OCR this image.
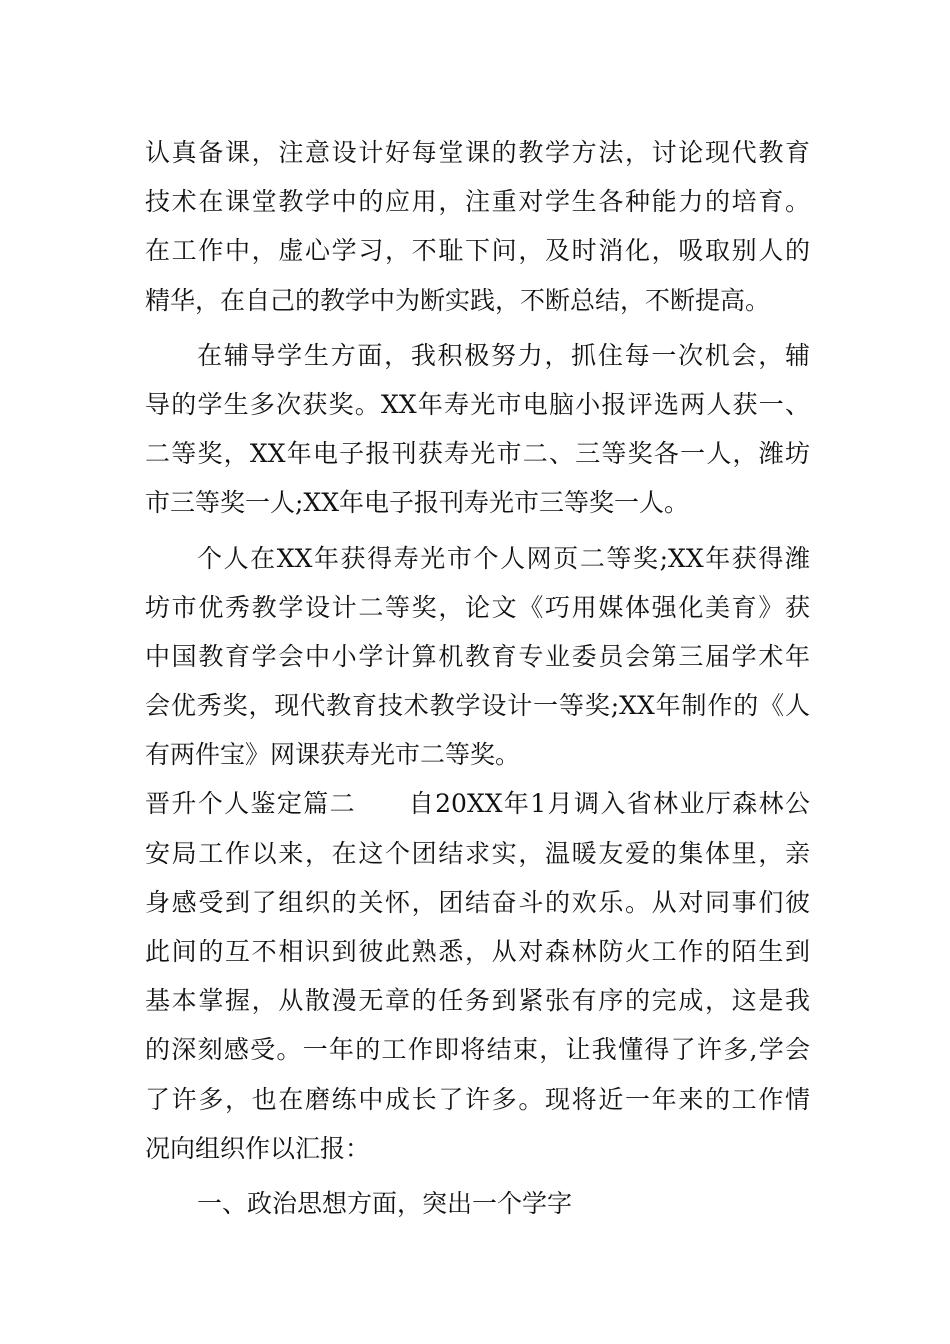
认真备课，注意设计好每堂课的教学方法，讨论现代教育
技术在课堂教学中的应用，注重对学生各种能力的培育。
在工作中，虚心学习，不耻下问，及时消化，吸取别人的
精华，在自己的教学中为断实践，不断总结，不断提高。
在辅导学生方面，我积极努力，抓住每一次机会，辅
导的学生多次获奖。XX年寿光市电脑小报评选两人获一、
二等奖，XX年电子报刊获寿光市二、三等奖各一人，潍坊
市三等奖一人;XX年电子报刊寿光市三等奖一人。
个人在XX年获得寿光市个人网页二等奖;XX年获得潍
坊市优秀教学设计二等奖，论文《巧用媒体强化美育》获
中国教育学会中小学计算机教育专业委员会第三届学术年
会优秀奖，现代教育技术教学设计一等奖;XX年制作的《人
有两件宝》网课获寿光市二等奖。
晋升个人鉴定篇二　　自20XX年1月调入省林业厅森林公
安局工作以来，在这个团结求实，温暖友爱的集体里，亲
身感受到了组织的关怀，团结奋斗的欢乐。从对同事们彼
此间的互不相识到彼此熟悉，从对森林防火工作的陌生到
基本掌握，从散漫无章的任务到紧张有序的完成，这是我
的深刻感受。一年的工作即将结束，让我懂得了许多,学会
了许多，也在磨练中成长了许多。现将近一年来的工作情
况向组织作以汇报：
一、政治思想方面，突出一个学字
